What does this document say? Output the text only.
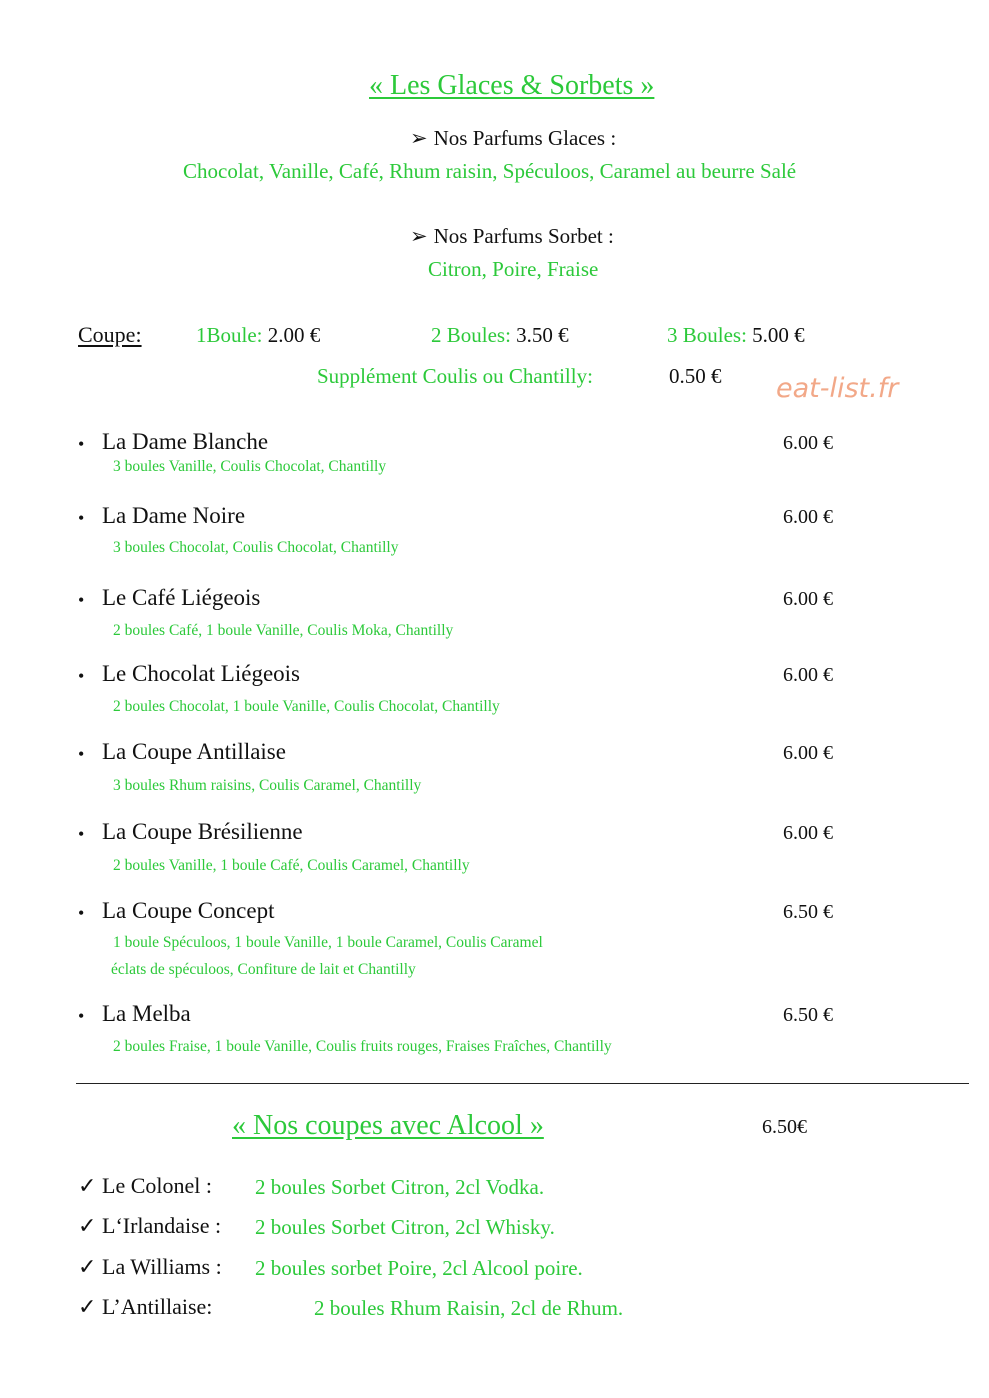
« Les Glaces & Sorbets »
➢ Nos Parfums Glaces :
Chocolat, Vanille, Café, Rhum raisin, Spéculoos, Caramel au beurre Salé
➢ Nos Parfums Sorbet :
Citron, Poire, Fraise
Coupe:	1Boule: 2.00 €	2 Boules: 3.50 €	3 Boules: 5.00 €
Supplément Coulis ou Chantilly:	0.50 € eat-list.fr
• La Dame Blanche
3 boules Vanille, Coulis Chocolat, Chantilly
6.00 €
• La Dame Noire
3 boules Chocolat, Coulis Chocolat, Chantilly
6.00 €
• Le Café Liégeois
2 boules Café, 1 boule Vanille, Coulis Moka, Chantilly
6.00 €
• Le Chocolat Liégeois
2 boules Chocolat, 1 boule Vanille, Coulis Chocolat, Chantilly
6.00 €
• La Coupe Antillaise
3 boules Rhum raisins, Coulis Caramel, Chantilly
6.00 €
• La Coupe Brésilienne
2 boules Vanille, 1 boule Café, Coulis Caramel, Chantilly
6.00 €
• La Coupe Concept
1 boule Spéculoos, 1 boule Vanille, 1 boule Caramel, Coulis Caramel
éclats de spéculoos, Confiture de lait et Chantilly
6.50 €
• La Melba
2 boules Fraise, 1 boule Vanille, Coulis fruits rouges, Fraises Fraîches, Chantilly
6.50 €
« Nos coupes avec Alcool »	6.50€
✓ Le Colonel : 2 boules Sorbet Citron, 2cl Vodka.
✓ L‘Irlandaise : 2 boules Sorbet Citron, 2cl Whisky.
✓ La Williams : 2 boules sorbet Poire, 2cl Alcool poire.
✓ L’Antillaise:	2 boules Rhum Raisin, 2cl de Rhum.
